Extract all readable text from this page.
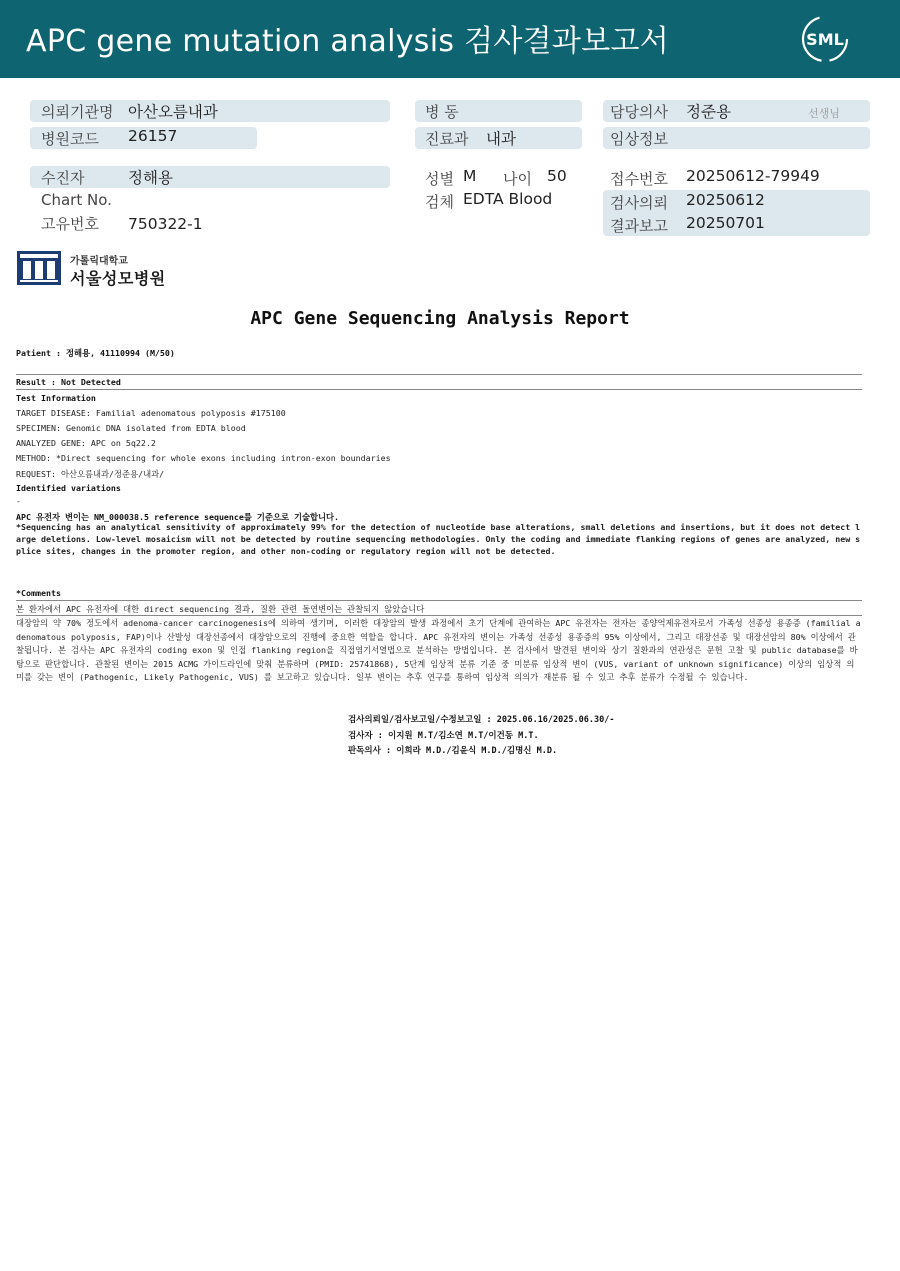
APC gene mutation analysis 검사결과보고서	SML
의뢰기관명 아산오름내과
병원코드 26157
병 동
진료과 내과
담당의사 정준용	선생님
임상정보
수진자	정해용
Chart No.
고유번호 750322-1
성별 M 나이 50
검체 EDTA Blood
접수번호 20250612-79949
검사의뢰 20250612
결과보고 20250701
가톨릭대학교
서울성모병원
APC Gene Sequencing Analysis Report
Patient : 정해용, 41110994 (M/50)
Result : Not Detected
Test Information
TARGET DISEASE: Familial adenomatous polyposis #175100
SPECIMEN: Genomic DNA isolated from EDTA blood
ANALYZED GENE: APC on 5q22.2
METHOD: *Direct sequencing for whole exons including intron-exon boundaries
REQUEST: 아산오름내과/정준용/내과/
Identified variations
-
APC 유전자 변이는 NM_000038.5 reference sequence를 기준으로 기술합니다.
*Sequencing has an analytical sensitivity of approximately 99% for the detection of nucleotide base alterations, small deletions and insertions, but it does not detect large deletions. Low-level mosaicism will not be detected by routine sequencing methodologies. Only the coding and immediate flanking regions of genes are analyzed, new splice sites, changes in the promoter region, and other non-coding or regulatory region will not be detected.
*Comments
본 환자에서 APC 유전자에 대한 direct sequencing 결과, 질환 관련 돌연변이는 관찰되지 않았습니다
대장암의 약 70% 정도에서 adenoma-cancer carcinogenesis에 의하여 생기며, 이러한 대장암의 발생 과정에서 초기 단계에 관여하는 APC 유전자는 전자는 종양억제유전자로서 가족성 선종성 용종증 (familial adenomatous polyposis, FAP)이나 산발성 대장선종에서 대장암으로의 진행에 중요한 역할을 합니다. APC 유전자의 변이는 가족성 선종성 용종증의 95% 이상에서, 그리고 대장선종 및 대장선암의 80% 이상에서 관찰됩니다. 본 검사는 APC 유전자의 coding exon 및 인접 flanking region을 직접염기서열법으로 분석하는 방법입니다. 본 검사에서 발견된 변이와 상기 질환과의 연관성은 문헌 고찰 및 public database를 바탕으로 판단합니다. 관찰된 변이는 2015 ACMG 가이드라인에 맞춰 분류하며 (PMID: 25741868), 5단계 임상적 분류 기준 중 미분류 임상적 변이 (VUS, variant of unknown significance) 이상의 임상적 의미를 갖는 변이 (Pathogenic, Likely Pathogenic, VUS) 를 보고하고 있습니다. 일부 변이는 추후 연구를 통하여 임상적 의의가 재분류 될 수 있고 추후 분류가 수정될 수 있습니다.
검사의뢰일/검사보고일/수정보고일 : 2025.06.16/2025.06.30/-
검사자 : 이지원 M.T/김소연 M.T/이건동 M.T.
판독의사 : 이희라 M.D./김윤식 M.D./김명신 M.D.
